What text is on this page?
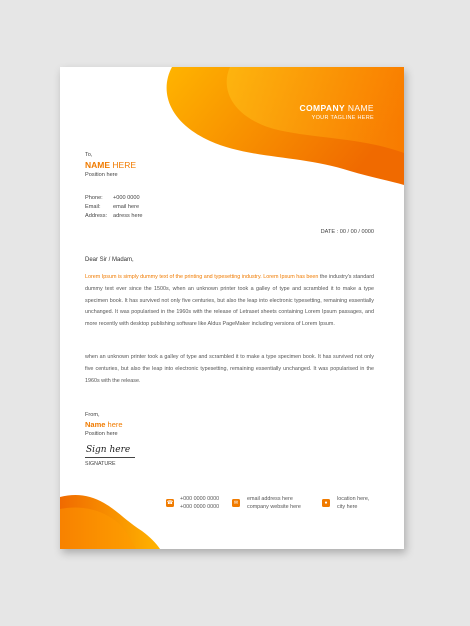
COMPANY NAME
YOUR TAGLINE HERE
To,
NAME HERE
Position here
Phone:	+000 0000
Email:	email here
Address:	adress here
DATE : 00 / 00 / 0000
Dear Sir / Madam,
Lorem Ipsum is simply dummy text of the printing and typesetting industry. Lorem Ipsum has been the industry's standard dummy text ever since the 1500s, when an unknown printer took a galley of type and scrambled it to make a type specimen book. It has survived not only five centuries, but also the leap into electronic typesetting, remaining essentially unchanged. It was popularised in the 1960s with the release of Letraset sheets containing Lorem Ipsum passages, and more recently with desktop publishing software like Aldus PageMaker including versions of Lorem Ipsum.
when an unknown printer took a galley of type and scrambled it to make a type specimen book. It has survived not only five centuries, but also the leap into electronic typesetting, remaining essentially unchanged. It was popularised in the 1960s with the release.
From,
Name here
Position here
Sign here
SIGNATURE
☎
+000 0000 0000
+000 0000 0000
✉
email address here
company website here
●
location here,
city here
